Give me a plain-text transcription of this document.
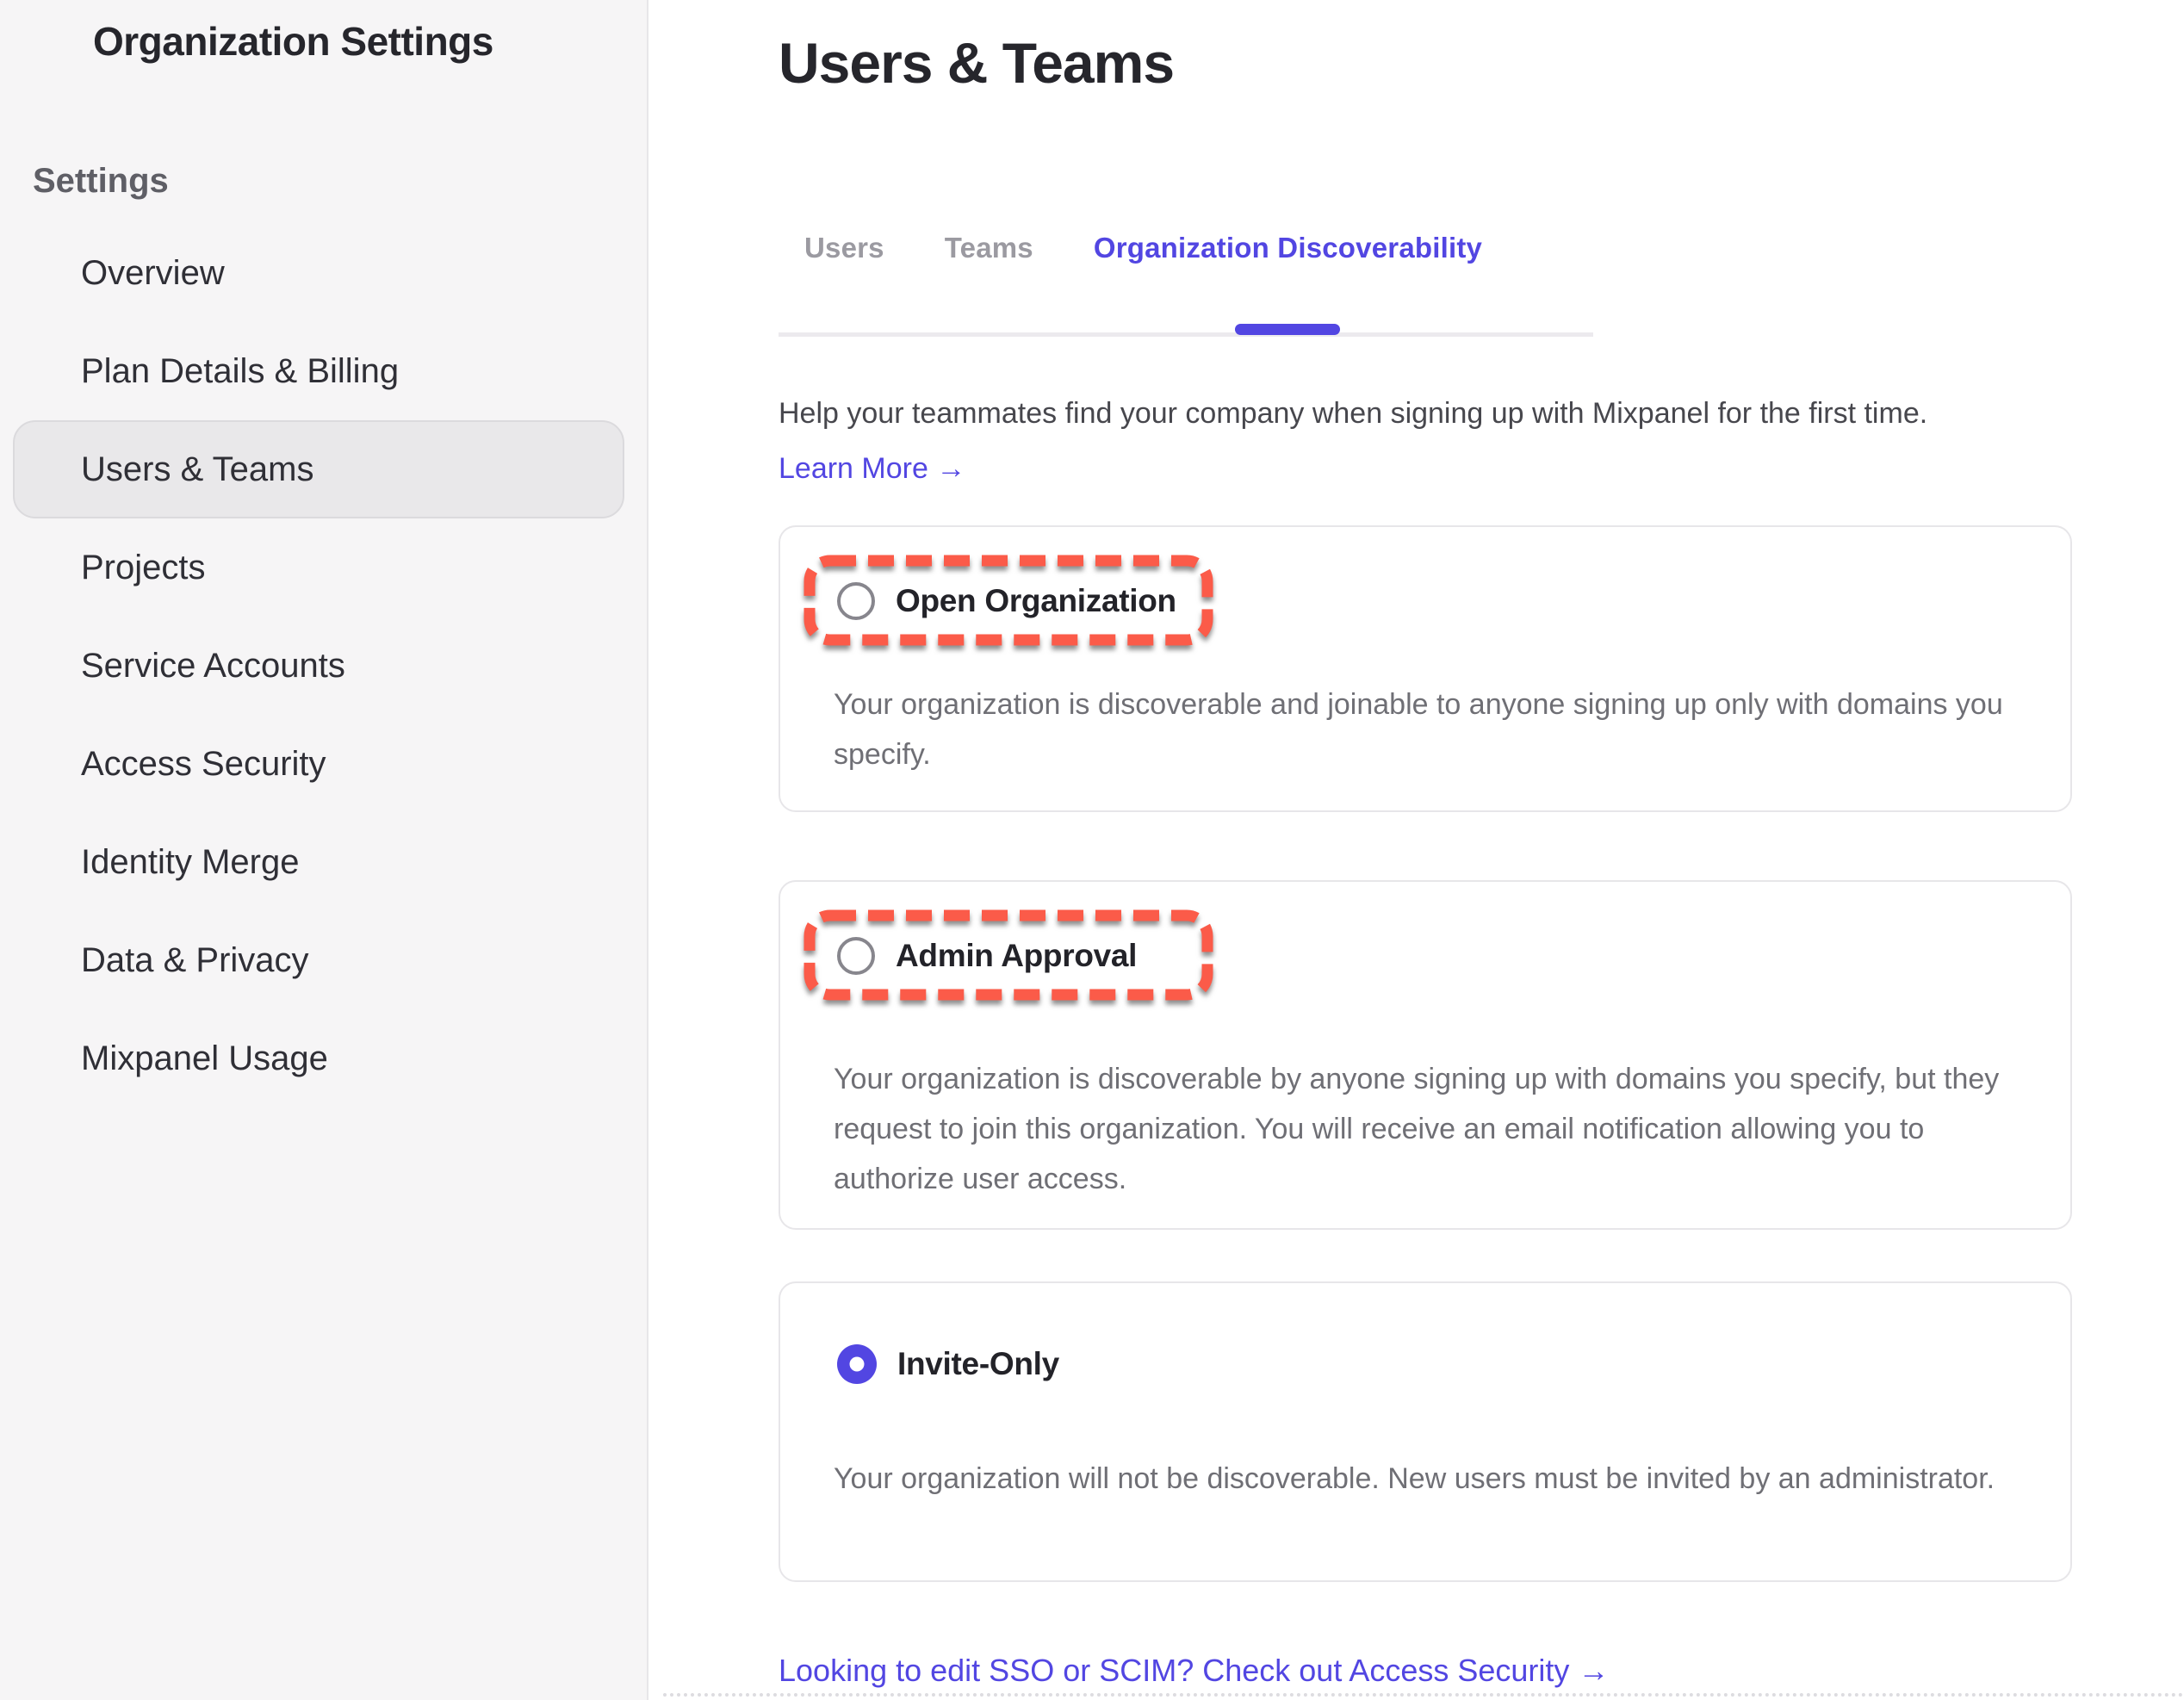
Organization Settings
Settings
Overview
Plan Details & Billing
Users & Teams
Projects
Service Accounts
Access Security
Identity Merge
Data & Privacy
Mixpanel Usage
Users & Teams
Users Teams Organization Discoverability

Help your teammates find your company when signing up with Mixpanel for the first time.

Learn More →
Open Organization

Your organization is discoverable and joinable to anyone signing up only with domains you specify.

Admin Approval

Your organization is discoverable by anyone signing up with domains you specify, but they request to join this organization. You will receive an email notification allowing you to authorize user access.

Invite-Only

Your organization will not be discoverable. New users must be invited by an administrator.

Looking to edit SSO or SCIM? Check out Access Security →
